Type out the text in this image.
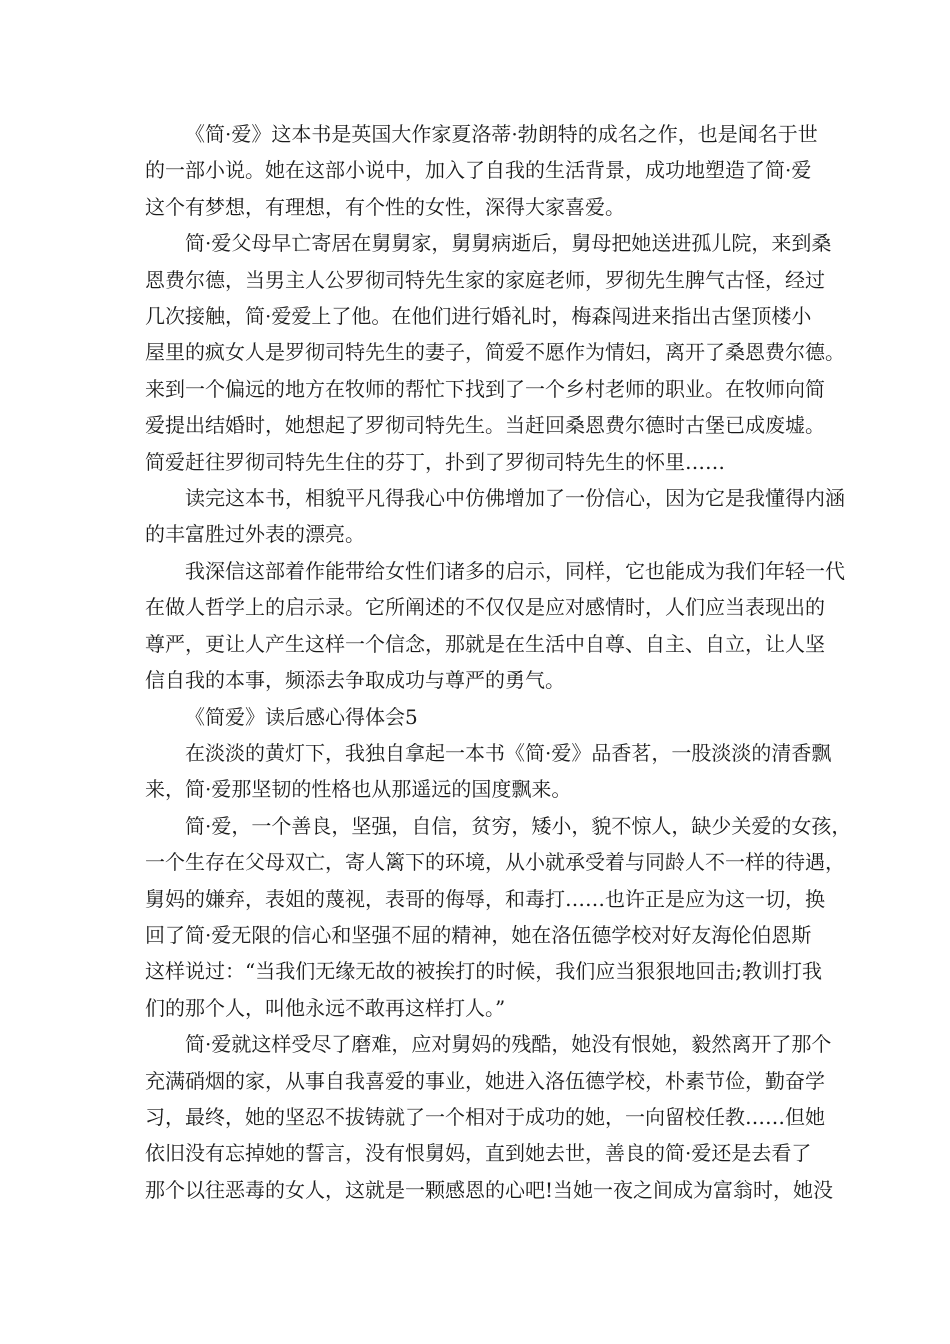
《简·爱》这本书是英国大作家夏洛蒂·勃朗特的成名之作，也是闻名于世
的一部小说。她在这部小说中，加入了自我的生活背景，成功地塑造了简·爱
这个有梦想，有理想，有个性的女性，深得大家喜爱。

简·爱父母早亡寄居在舅舅家，舅舅病逝后，舅母把她送进孤儿院，来到桑
恩费尔德，当男主人公罗彻司特先生家的家庭老师，罗彻先生脾气古怪，经过
几次接触，简·爱爱上了他。在他们进行婚礼时，梅森闯进来指出古堡顶楼小
屋里的疯女人是罗彻司特先生的妻子，简爱不愿作为情妇，离开了桑恩费尔德。
来到一个偏远的地方在牧师的帮忙下找到了一个乡村老师的职业。在牧师向简
爱提出结婚时，她想起了罗彻司特先生。当赶回桑恩费尔德时古堡已成废墟。
简爱赶往罗彻司特先生住的芬丁，扑到了罗彻司特先生的怀里……

读完这本书，相貌平凡得我心中仿佛增加了一份信心，因为它是我懂得内涵
的丰富胜过外表的漂亮。

我深信这部着作能带给女性们诸多的启示，同样，它也能成为我们年轻一代
在做人哲学上的启示录。它所阐述的不仅仅是应对感情时，人们应当表现出的
尊严，更让人产生这样一个信念，那就是在生活中自尊、自主、自立，让人坚
信自我的本事，频添去争取成功与尊严的勇气。

《简爱》读后感心得体会5

在淡淡的黄灯下，我独自拿起一本书《简·爱》品香茗，一股淡淡的清香飘
来，简·爱那坚韧的性格也从那遥远的国度飘来。

简·爱，一个善良，坚强，自信，贫穷，矮小，貌不惊人，缺少关爱的女孩，
一个生存在父母双亡，寄人篱下的环境，从小就承受着与同龄人不一样的待遇，
舅妈的嫌弃，表姐的蔑视，表哥的侮辱，和毒打……也许正是应为这一切，换
回了简·爱无限的信心和坚强不屈的精神，她在洛伍德学校对好友海伦伯恩斯
这样说过：“当我们无缘无故的被挨打的时候，我们应当狠狠地回击;教训打我
们的那个人，叫他永远不敢再这样打人。”

简·爱就这样受尽了磨难，应对舅妈的残酷，她没有恨她，毅然离开了那个
充满硝烟的家，从事自我喜爱的事业，她进入洛伍德学校，朴素节俭，勤奋学
习，最终，她的坚忍不拔铸就了一个相对于成功的她，一向留校任教……但她
依旧没有忘掉她的誓言，没有恨舅妈，直到她去世，善良的简·爱还是去看了
那个以往恶毒的女人，这就是一颗感恩的心吧!当她一夜之间成为富翁时，她没
